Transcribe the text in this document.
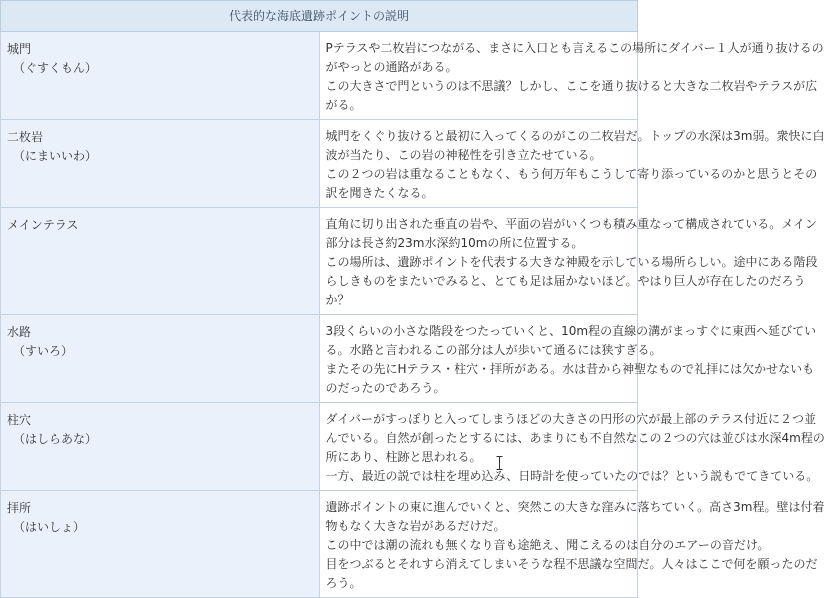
代表的な海底遺跡ポイントの説明	

城門
（ぐすくもん）	Pテラスや二枚岩につながる、まさに入口とも言えるこの場所にダイバー１人が通り抜けるの
がやっとの通路がある。
この大きさで門というのは不思議？しかし、ここを通り抜けると大きな二枚岩やテラスが広
がる。

二枚岩
（にまいいわ）	城門をくぐり抜けると最初に入ってくるのがこの二枚岩だ。トップの水深は3m弱。衆快に白
波が当たり、この岩の神秘性を引き立たせている。
この２つの岩は重なることもなく、もう何万年もこうして寄り添っているのかと思うとその
訳を聞きたくなる。

メインテラス	直角に切り出された垂直の岩や、平面の岩がいくつも積み重なって構成されている。メイン
部分は長さ約23m水深約10mの所に位置する。
この場所は、遺跡ポイントを代表する大きな神殿を示している場所らしい。途中にある階段
らしきものをまたいでみると、とても足は届かないほど。やはり巨人が存在したのだろう
か？

水路
（すいろ）	3段くらいの小さな階段をつたっていくと、10m程の直線の溝がまっすぐに東西へ延びてい
る。水路と言われるこの部分は人が歩いて通るには狭すぎる。
またその先にHテラス・柱穴・拝所がある。水は昔から神聖なもので礼拝には欠かせないも
のだったのであろう。

柱穴
（はしらあな）	ダイバーがすっぽりと入ってしまうほどの大きさの円形の穴が最上部のテラス付近に２つ並
んでいる。自然が創ったとするには、あまりにも不自然なこの２つの穴は並びは水深4m程の
所にあり、柱跡と思われる。
一方、最近の説では柱を埋め込み、日時計を使っていたのでは？という説もでてきている。

拝所
（はいしょ）	遺跡ポイントの東に進んでいくと、突然この大きな窪みに落ちていく。高さ3m程。壁は付着
物もなく大きな岩があるだけだ。
この中では潮の流れも無くなり音も途絶え、聞こえるのは自分のエアーの音だけ。
目をつぶるとそれすら消えてしまいそうな程不思議な空間だ。人々はここで何を願ったのだ
ろう。
